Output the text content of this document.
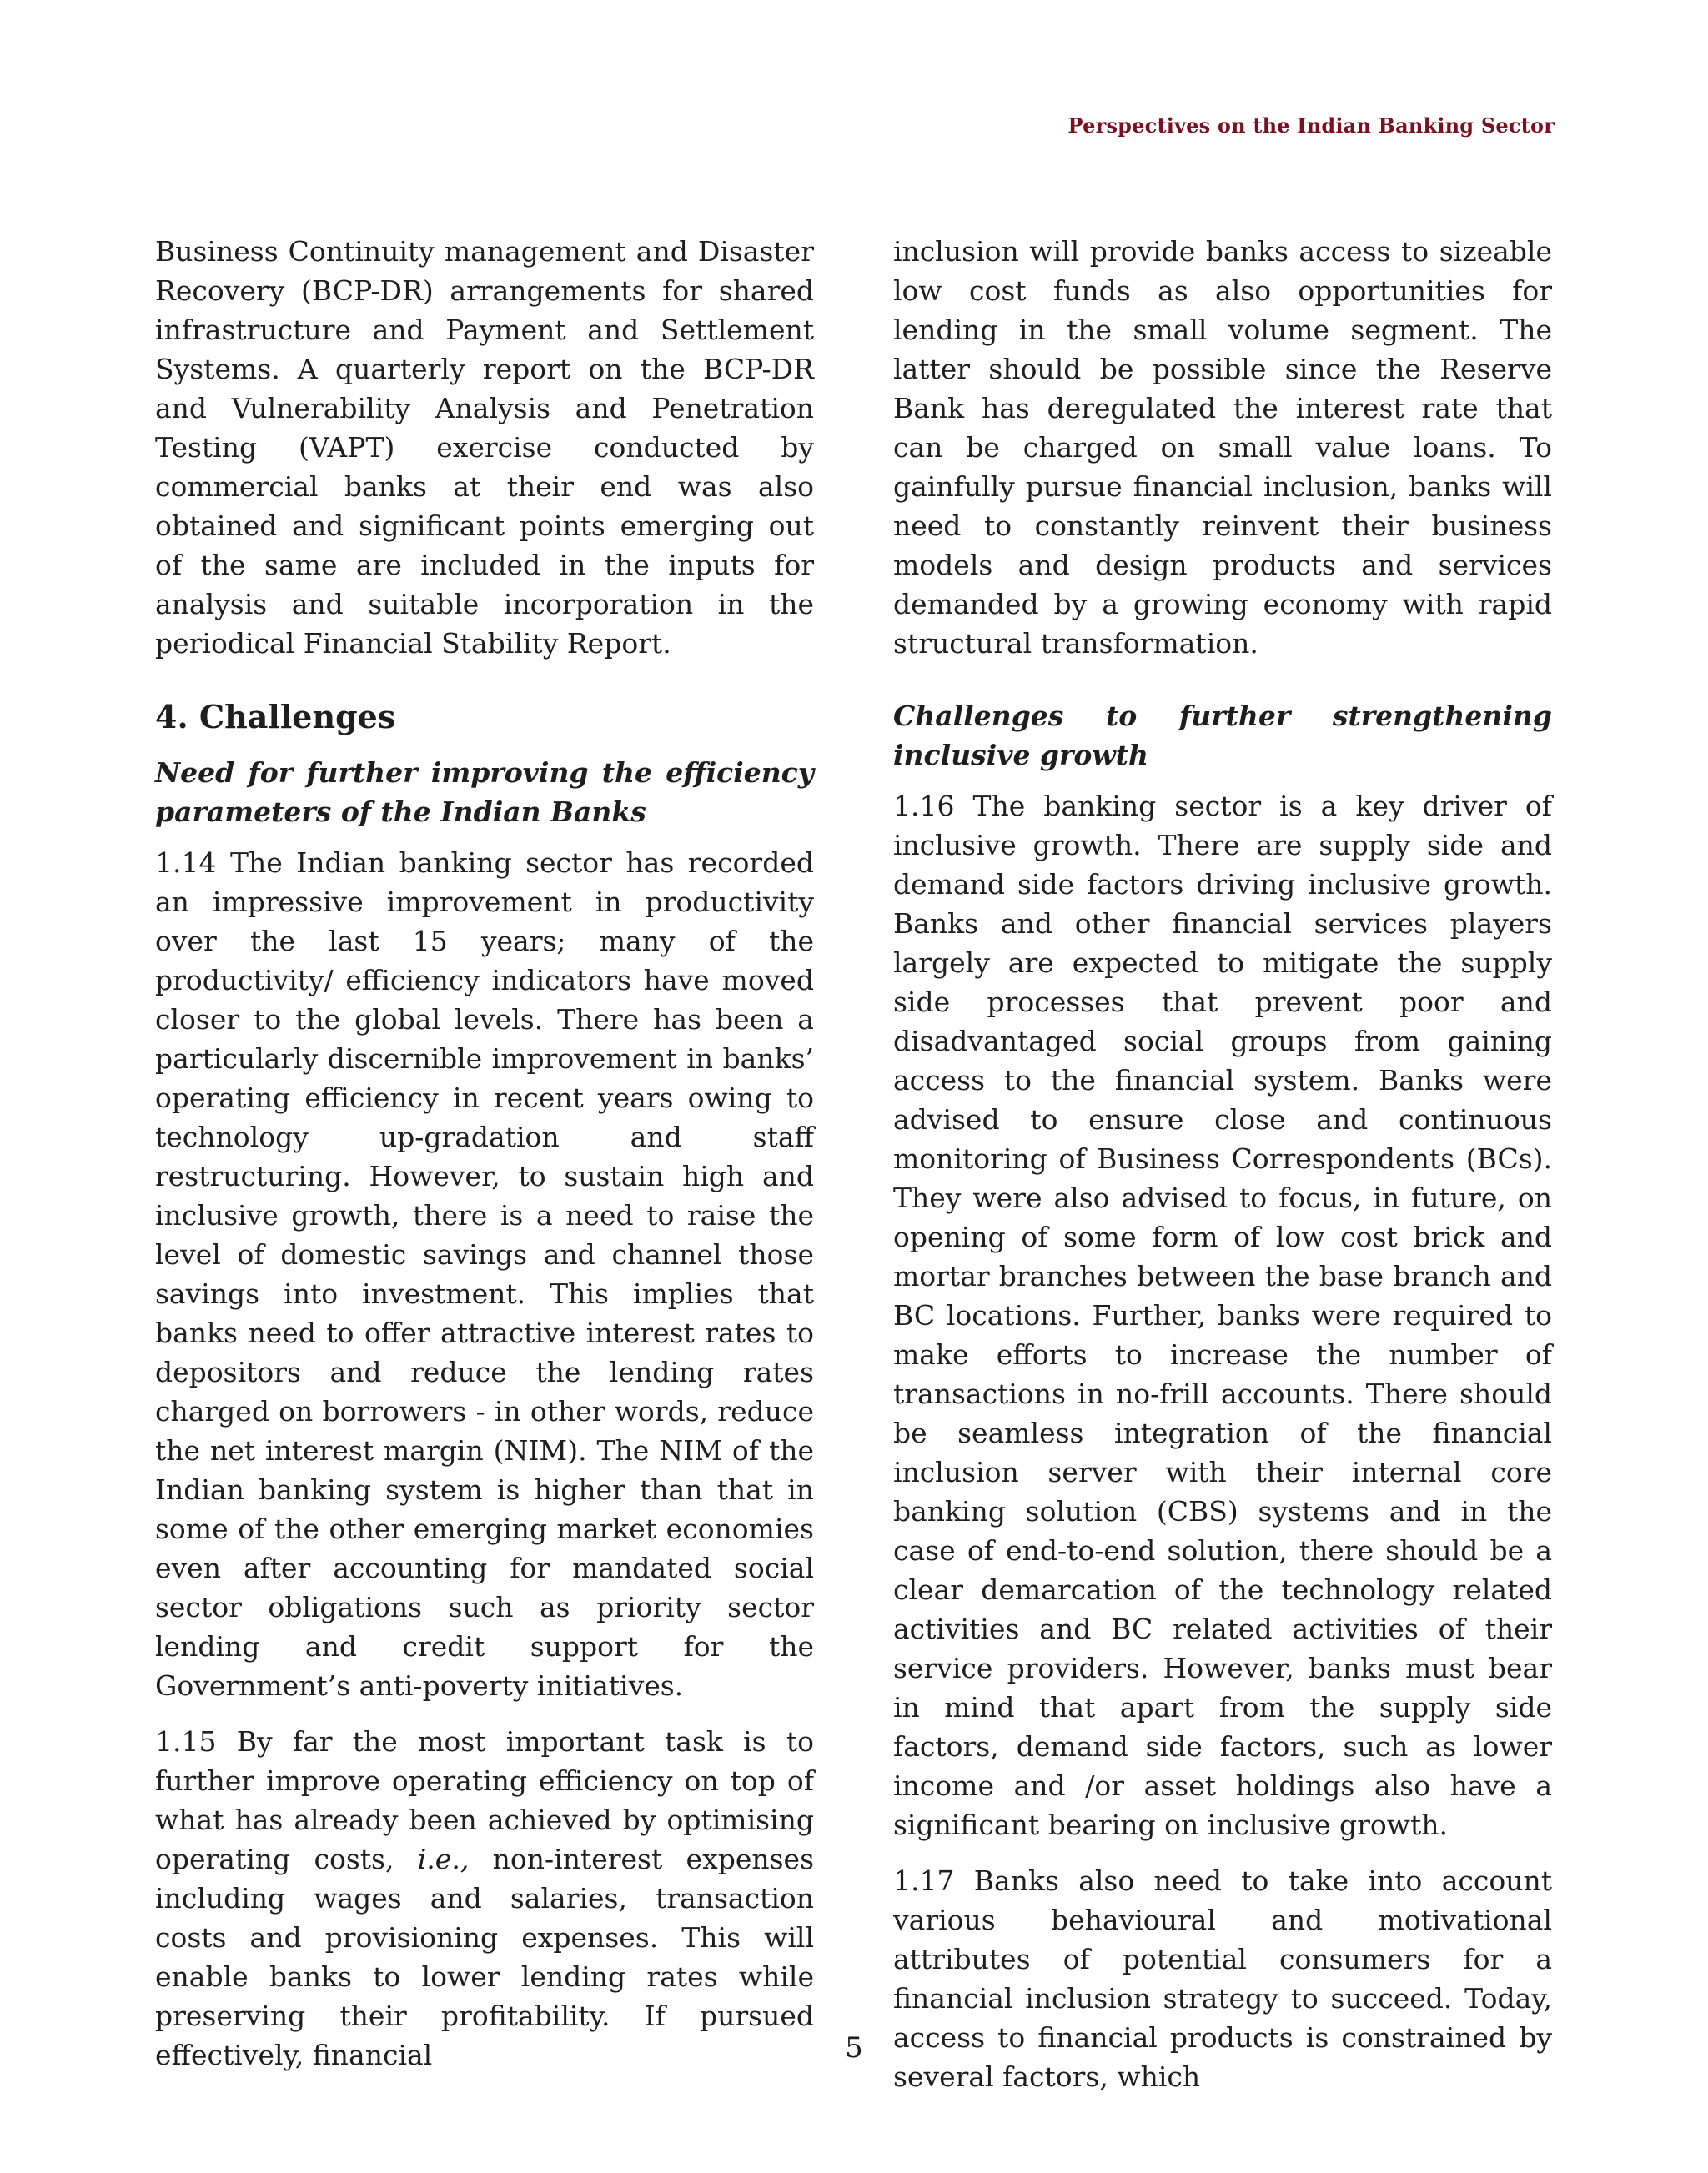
Perspectives on the Indian Banking Sector

Business Continuity management and Disaster Recovery (BCP-DR) arrangements for shared infrastructure and Payment and Settlement Systems. A quarterly report on the BCP-DR and Vulnerability Analysis and Penetration Testing (VAPT) exercise conducted by commercial banks at their end was also obtained and significant points emerging out of the same are included in the inputs for analysis and suitable incorporation in the periodical Financial Stability Report.

4. Challenges
Need for further improving the efficiency parameters of the Indian Banks

1.14 The Indian banking sector has recorded an impressive improvement in productivity over the last 15 years; many of the productivity/ efficiency indicators have moved closer to the global levels. There has been a particularly discernible improvement in banks’ operating efficiency in recent years owing to technology up-gradation and staff restructuring. However, to sustain high and inclusive growth, there is a need to raise the level of domestic savings and channel those savings into investment. This implies that banks need to offer attractive interest rates to depositors and reduce the lending rates charged on borrowers - in other words, reduce the net interest margin (NIM). The NIM of the Indian banking system is higher than that in some of the other emerging market economies even after accounting for mandated social sector obligations such as priority sector lending and credit support for the Government’s anti-poverty initiatives.

1.15 By far the most important task is to further improve operating efficiency on top of what has already been achieved by optimising operating costs, i.e., non-interest expenses including wages and salaries, transaction costs and provisioning expenses. This will enable banks to lower lending rates while preserving their profitability. If pursued effectively, financial

inclusion will provide banks access to sizeable low cost funds as also opportunities for lending in the small volume segment. The latter should be possible since the Reserve Bank has deregulated the interest rate that can be charged on small value loans. To gainfully pursue financial inclusion, banks will need to constantly reinvent their business models and design products and services demanded by a growing economy with rapid structural transformation.

Challenges to further strengthening inclusive growth

1.16 The banking sector is a key driver of inclusive growth. There are supply side and demand side factors driving inclusive growth. Banks and other financial services players largely are expected to mitigate the supply side processes that prevent poor and disadvantaged social groups from gaining access to the financial system. Banks were advised to ensure close and continuous monitoring of Business Correspondents (BCs). They were also advised to focus, in future, on opening of some form of low cost brick and mortar branches between the base branch and BC locations. Further, banks were required to make efforts to increase the number of transactions in no-frill accounts. There should be seamless integration of the financial inclusion server with their internal core banking solution (CBS) systems and in the case of end-to-end solution, there should be a clear demarcation of the technology related activities and BC related activities of their service providers. However, banks must bear in mind that apart from the supply side factors, demand side factors, such as lower income and /or asset holdings also have a significant bearing on inclusive growth.

1.17 Banks also need to take into account various behavioural and motivational attributes of potential consumers for a financial inclusion strategy to succeed. Today, access to financial products is constrained by several factors, which

5
